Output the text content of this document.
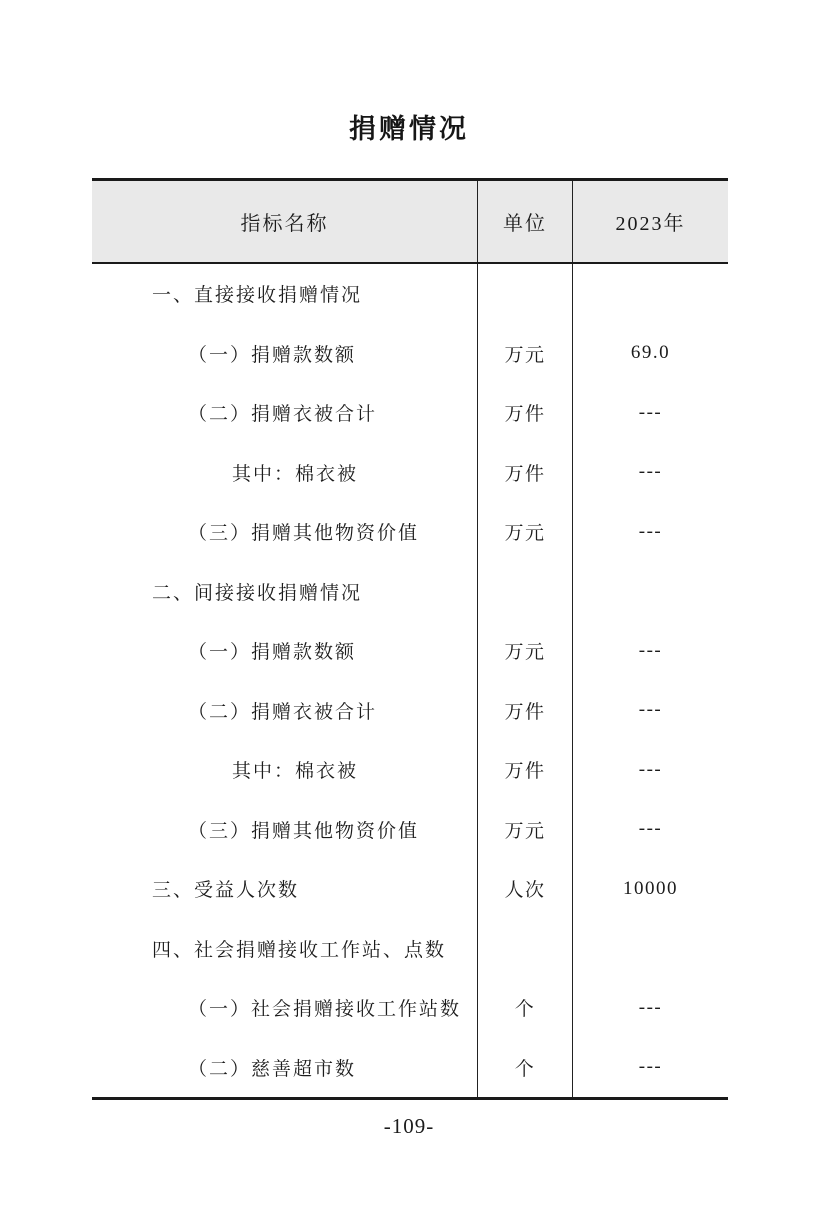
捐赠情况
指标名称	单位	2023年
一、直接接收捐赠情况
（一）捐赠款数额	万元	69.0
（二）捐赠衣被合计	万件	---
其中：棉衣被	万件	---
（三）捐赠其他物资价值	万元	---
二、间接接收捐赠情况
（一）捐赠款数额	万元	---
（二）捐赠衣被合计	万件	---
其中：棉衣被	万件	---
（三）捐赠其他物资价值	万元	---
三、受益人次数	人次	10000
四、社会捐赠接收工作站、点数
（一）社会捐赠接收工作站数	个	---
（二）慈善超市数	个	---
-109-
